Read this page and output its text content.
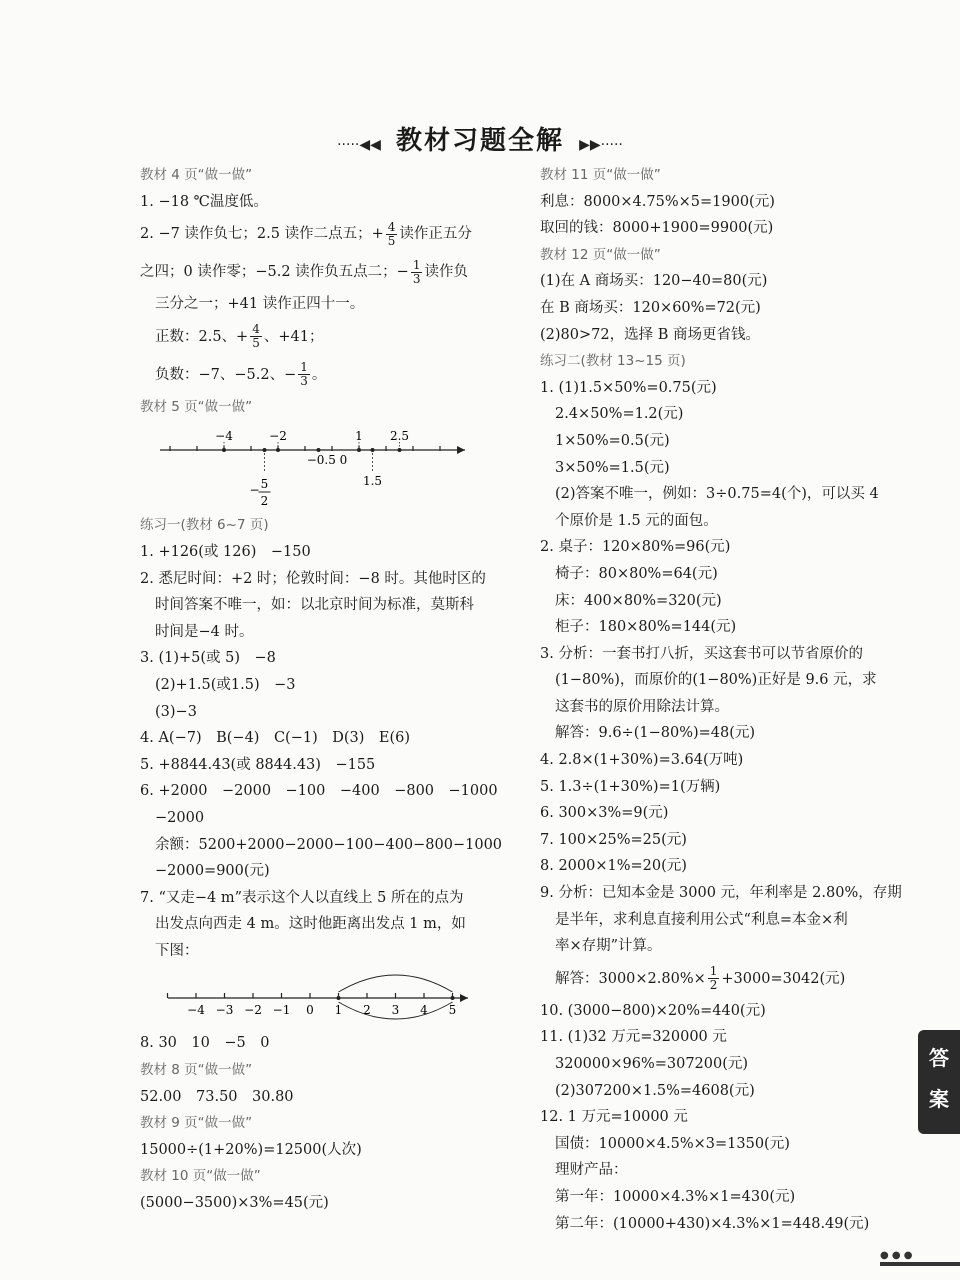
·····◀◀ 教材习题全解 ▶▶·····
教材 4 页“做一做”
1. −18 ℃温度低。
2. −7 读作负七；2.5 读作二点五；+ $\frac{4}{5}$ 读作正五分
之四；0 读作零；−5.2 读作负五点二；− $\frac{1}{3}$ 读作负
三分之一；+41 读作正四十一。
正数：2.5、+ $\frac{4}{5}$ 、+41；
负数：−7、−5.2、− $\frac{1}{3}$ 。
教材 5 页“做一做”
−4	−2	1 2.5
−0.5 0
1.5
− 5
2
练习一(教材 6~7 页)
1. +126(或 126)　−150
2. 悉尼时间：+2 时；伦敦时间：−8 时。其他时区的
时间答案不唯一，如：以北京时间为标准，莫斯科
时间是−4 时。
3. (1)+5(或 5)　−8
(2)+1.5(或1.5)　−3
(3)−3
4. A(−7)　B(−4)　C(−1)　D(3)　E(6)
5. +8844.43(或 8844.43)　−155
6. +2000　−2000　−100　−400　−800　−1000
−2000
余额：5200+2000−2000−100−400−800−1000
−2000=900(元)
7. “又走−4 m”表示这个人以直线上 5 所在的点为
出发点向西走 4 m。这时他距离出发点 1 m，如
下图：
−4 −3 −2 −1 0 1 2 3 4 5
8. 30　10　−5　0
教材 8 页“做一做”
52.00　73.50　30.80
教材 9 页“做一做”
15000÷(1+20%)=12500(人次)
教材 10 页“做一做”
(5000−3500)×3%=45(元)
教材 11 页“做一做”
利息：8000×4.75%×5=1900(元)
取回的钱：8000+1900=9900(元)
教材 12 页“做一做”
(1)在 A 商场买：120−40=80(元)
在 B 商场买：120×60%=72(元)
(2)80>72，选择 B 商场更省钱。
练习二(教材 13~15 页)
1. (1)1.5×50%=0.75(元)
2.4×50%=1.2(元)
1×50%=0.5(元)
3×50%=1.5(元)
(2)答案不唯一，例如：3÷0.75=4(个)，可以买 4
个原价是 1.5 元的面包。
2. 桌子：120×80%=96(元)
椅子：80×80%=64(元)
床：400×80%=320(元)
柜子：180×80%=144(元)
3. 分析：一套书打八折，买这套书可以节省原价的
(1−80%)，而原价的(1−80%)正好是 9.6 元，求
这套书的原价用除法计算。
解答：9.6÷(1−80%)=48(元)
4. 2.8×(1+30%)=3.64(万吨)
5. 1.3÷(1+30%)=1(万辆)
6. 300×3%=9(元)
7. 100×25%=25(元)
8. 2000×1%=20(元)
9. 分析：已知本金是 3000 元，年利率是 2.80%，存期
是半年，求利息直接利用公式“利息=本金×利
率×存期”计算。
解答：$3000\times 2.80\%\times \frac{1}{2} +3000=3042$(元)
10. (3000−800)×20%=440(元)
11. (1)32 万元=320000 元
320000×96%=307200(元)
(2)307200×1.5%=4608(元)
12. 1 万元=10000 元
国债：10000×4.5%×3=1350(元)
理财产品：
第一年：10000×4.3%×1=430(元)
第二年：(10000+430)×4.3%×1=448.49(元)
答
案
● ● ●
